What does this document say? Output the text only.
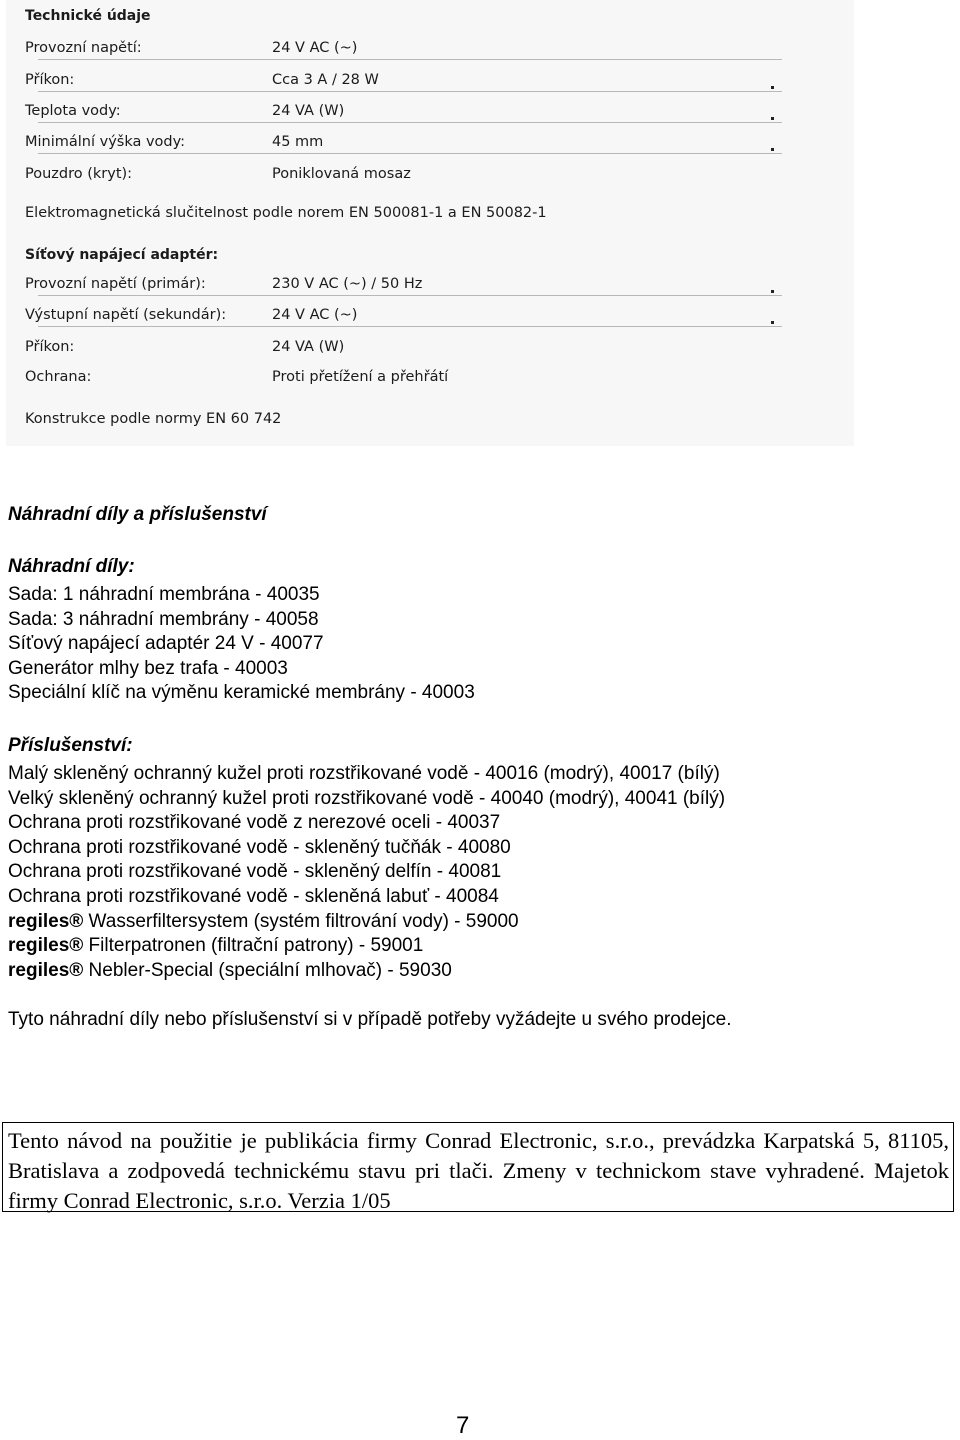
Technické údaje
Provozní napětí:	24 V AC (~)
Příkon:	Cca 3 A / 28 W
Teplota vody:	24 VA (W)
Minimální výška vody:	45 mm
Pouzdro (kryt):	Poniklovaná mosaz
Elektromagnetická slučitelnost podle norem EN 500081-1 a EN 50082-1
Síťový napájecí adaptér:
Provozní napětí (primár):	230 V AC (~) / 50 Hz
Výstupní napětí (sekundár):	24 V AC (~)
Příkon:	24 VA (W)
Ochrana:	Proti přetížení a přehřátí
Konstrukce podle normy EN 60 742
Náhradní díly a příslušenství
Náhradní díly:
Sada: 1 náhradní membrána - 40035
Sada: 3 náhradní membrány - 40058
Síťový napájecí adaptér 24 V - 40077
Generátor mlhy bez trafa - 40003
Speciální klíč na výměnu keramické membrány - 40003
Příslušenství:
Malý skleněný ochranný kužel proti rozstřikované vodě - 40016 (modrý), 40017 (bílý)
Velký skleněný ochranný kužel proti rozstřikované vodě - 40040 (modrý), 40041 (bílý)
Ochrana proti rozstřikované vodě z nerezové oceli - 40037
Ochrana proti rozstřikované vodě - skleněný tučňák - 40080
Ochrana proti rozstřikované vodě - skleněný delfín - 40081
Ochrana proti rozstřikované vodě - skleněná labuť - 40084
regiles® Wasserfiltersystem (systém filtrování vody) - 59000
regiles® Filterpatronen (filtrační patrony) - 59001
regiles® Nebler-Special (speciální mlhovač) - 59030
Tyto náhradní díly nebo příslušenství si v případě potřeby vyžádejte u svého prodejce.
Tento návod na použitie je publikácia firmy Conrad Electronic, s.r.o., prevádzka Karpatská 5, 81105, Bratislava a zodpovedá technickému stavu pri tlači. Zmeny v technickom stave vyhradené. Majetok firmy Conrad Electronic, s.r.o. Verzia 1/05
7
